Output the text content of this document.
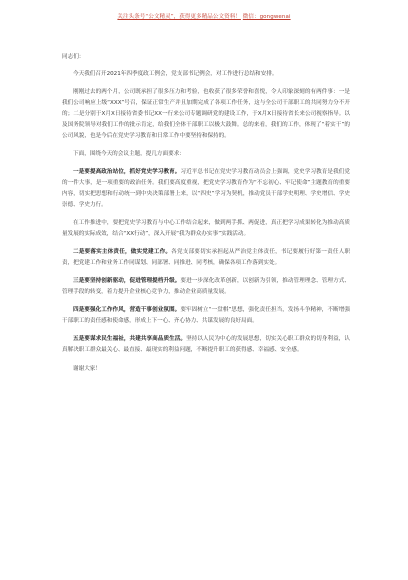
关注头条号“公文精灵”，获得更多精品公文资料！ 微信：gongwenai

同志们：

今天我们召开2021年四季度政工例会，党支部书记例会，对工作进行总结和安排。

刚刚过去的两个月，公司既承担了很多压力和考验，也收获了很多荣誉和喜悦，令人印象深刻的有两件事：一是我们公司响应上级“XXX”号召，保证正常生产并且加期完成了各项工作任务，这与全公司干部职工的共同努力分不开的；二是分别于X月X日接待省委书记XX一行来公司专题调研党的建设工作，于X月X日接待省长来公司视察指导。以及国务院领导对我们工作的批示肯定，给我们全体干部职工以极大鼓舞。总的来看，我们的工作，体现了“着实干”的公司风貌，也是今后在党史学习教育和日常工作中要坚持和保持的。

下面，围绕今天的会议主题，提几方面要求：

一是要提高政治站位，抓好党史学习教育。习近平总书记在党史学习教育动员会上强调，党史学习教育是我们党的一件大事，是一项重要的政治任务。我们要高度重视，把党史学习教育作为“不忘初心、牢记使命”主题教育的重要内容，切实把思想和行动统一到中央决策部署上来，以“四史”学习为契机，推动党员干部学史明理、学史增信、学史崇德、学史力行。

在工作推进中，要把党史学习教育与中心工作结合起来，做到两手抓、两促进，真正把学习成果转化为推动高质量发展的实际成效，结合“XX行动”，深入开展“我为群众办实事”实践活动。

二是要落实主体责任，做实党建工作。各党支部要切实承担起从严治党主体责任，书记要履行好第一责任人职责，把党建工作和业务工作同谋划、同部署、同推进、同考核，确保各项工作落到实处。

三是要坚持创新驱动，促进管理提档升级。要进一步深化改革创新，以创新为引领，推动管理理念、管理方式、管理手段的转变，着力提升企业核心竞争力，推动企业高质量发展。

四是要强化工作作风，营造干事创业氛围。要牢固树立“一盘棋”思想，强化责任担当，发扬斗争精神，不断增强干部职工的责任感和使命感，形成上下一心、齐心协力、共谋发展的良好局面。

五是要谋求民生福祉，共建共享高品质生活。坚持以人民为中心的发展思想，切实关心职工群众的切身利益，认真解决职工群众最关心、最直接、最现实的利益问题，不断提升职工的获得感、幸福感、安全感。

谢谢大家！
